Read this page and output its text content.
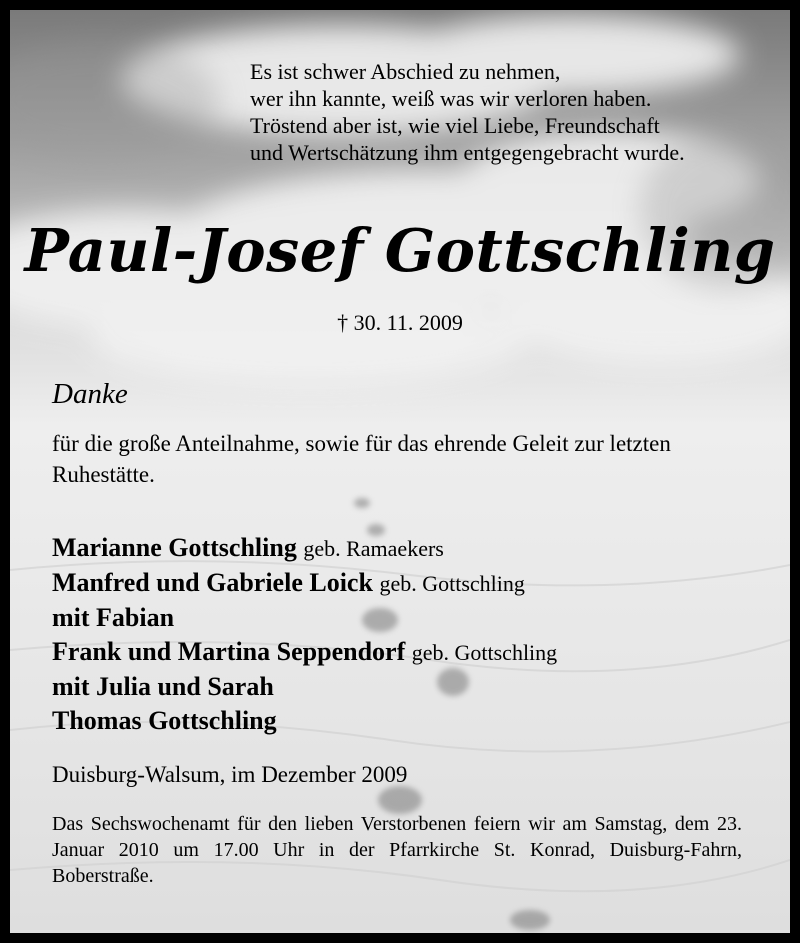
Es ist schwer Abschied zu nehmen,
wer ihn kannte, weiß was wir verloren haben.
Tröstend aber ist, wie viel Liebe, Freundschaft
und Wertschätzung ihm entgegengebracht wurde.
Paul-Josef Gottschling
† 30. 11. 2009
Danke
für die große Anteilnahme, sowie für das ehrende Geleit zur letzten Ruhestätte.
Marianne Gottschling geb. Ramaekers
Manfred und Gabriele Loick geb. Gottschling
mit Fabian
Frank und Martina Seppendorf geb. Gottschling
mit Julia und Sarah
Thomas Gottschling
Duisburg-Walsum, im Dezember 2009
Das Sechswochenamt für den lieben Verstorbenen feiern wir am Samstag, dem 23. Januar 2010 um 17.00 Uhr in der Pfarrkirche St. Konrad, Duisburg-Fahrn, Boberstraße.
